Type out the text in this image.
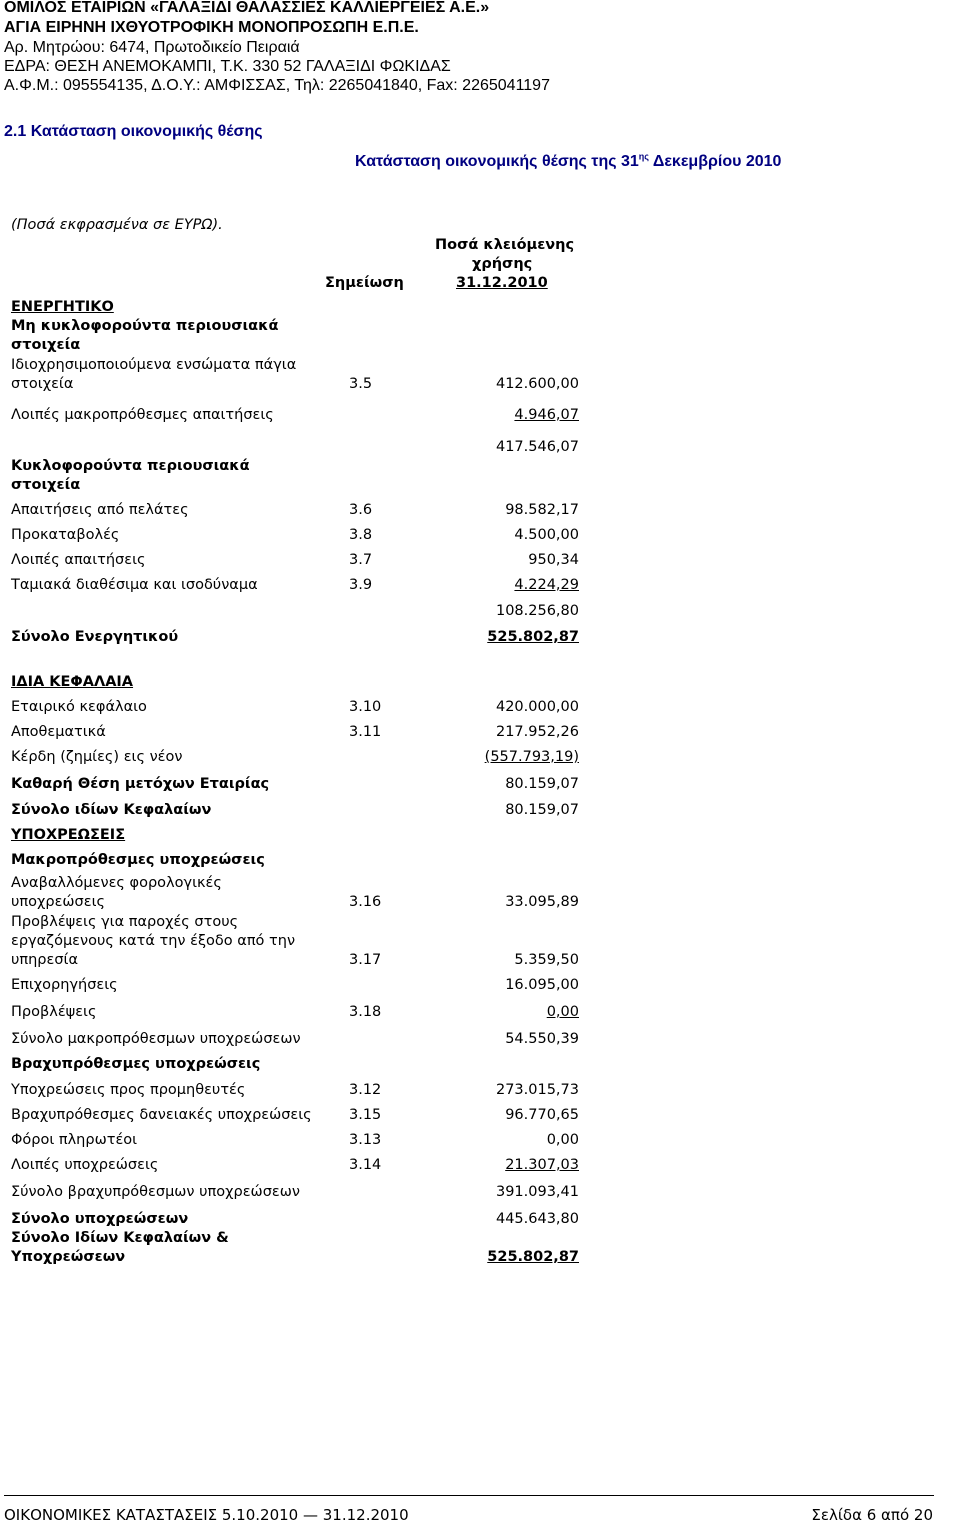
ΟΜΙΛΟΣ ΕΤΑΙΡΙΩΝ «ΓΑΛΑΞΙΔΙ ΘΑΛΑΣΣΙΕΣ ΚΑΛΛΙΕΡΓΕΙΕΣ Α.Ε.»
ΑΓΙΑ ΕΙΡΗΝΗ ΙΧΘΥΟΤΡΟΦΙΚΗ ΜΟΝΟΠΡΟΣΩΠΗ Ε.Π.Ε.
Αρ. Μητρώου: 6474, Πρωτοδικείο Πειραιά
ΕΔΡΑ: ΘΕΣΗ ΑΝΕΜΟΚΑΜΠΙ, Τ.Κ. 330 52 ΓΑΛΑΞΙΔΙ ΦΩΚΙΔΑΣ
Α.Φ.Μ.: 095554135, Δ.Ο.Υ.: ΑΜΦΙΣΣΑΣ, Τηλ: 2265041840, Fax: 2265041197
2.1 Κατάσταση οικονομικής θέσης
Κατάσταση οικονομικής θέσης της $31^{\eta\varsigma}$ Δεκεμβρίου 2010
(Ποσά εκφρασμένα σε ΕΥΡΩ).
Ποσά κλειόμενης
χρήσης
Σημείωση	31.12.2010
ΕΝΕΡΓΗΤΙΚΟ
Μη κυκλοφορούντα περιουσιακά
στοιχεία
Ιδιοχρησιμοποιούμενα ενσώματα πάγια
στοιχεία	3.5	412.600,00
Λοιπές μακροπρόθεσμες απαιτήσεις	4.946,07
417.546,07
Κυκλοφορούντα περιουσιακά
στοιχεία
Απαιτήσεις από πελάτες	3.6	98.582,17
Προκαταβολές	3.8	4.500,00
Λοιπές απαιτήσεις	3.7	950,34
Ταμιακά διαθέσιμα και ισοδύναμα	3.9	4.224,29
108.256,80
Σύνολο Ενεργητικού	525.802,87
ΙΔΙΑ ΚΕΦΑΛΑΙΑ
Εταιρικό κεφάλαιο	3.10	420.000,00
Αποθεματικά	3.11	217.952,26
Κέρδη (ζημίες) εις νέον	(557.793,19)
Καθαρή Θέση μετόχων Εταιρίας	80.159,07
Σύνολο ιδίων Κεφαλαίων	80.159,07
ΥΠΟΧΡΕΩΣΕΙΣ
Μακροπρόθεσμες υποχρεώσεις
Αναβαλλόμενες φορολογικές
υποχρεώσεις	3.16	33.095,89
Προβλέψεις για παροχές στους
εργαζόμενους κατά την έξοδο από την
υπηρεσία	3.17	5.359,50
Επιχορηγήσεις	16.095,00
Προβλέψεις	3.18	0,00
Σύνολο μακροπρόθεσμων υποχρεώσεων	54.550,39
Βραχυπρόθεσμες υποχρεώσεις
Υποχρεώσεις προς προμηθευτές	3.12	273.015,73
Βραχυπρόθεσμες δανειακές υποχρεώσεις	3.15	96.770,65
Φόροι πληρωτέοι	3.13	0,00
Λοιπές υποχρεώσεις	3.14	21.307,03
Σύνολο βραχυπρόθεσμων υποχρεώσεων	391.093,41
Σύνολο υποχρεώσεων	445.643,80
Σύνολο Ιδίων Κεφαλαίων &
Υποχρεώσεων	525.802,87
ΟΙΚΟΝΟΜΙΚΕΣ ΚΑΤΑΣΤΑΣΕΙΣ 5.10.2010 — 31.12.2010	Σελίδα 6 από 20
